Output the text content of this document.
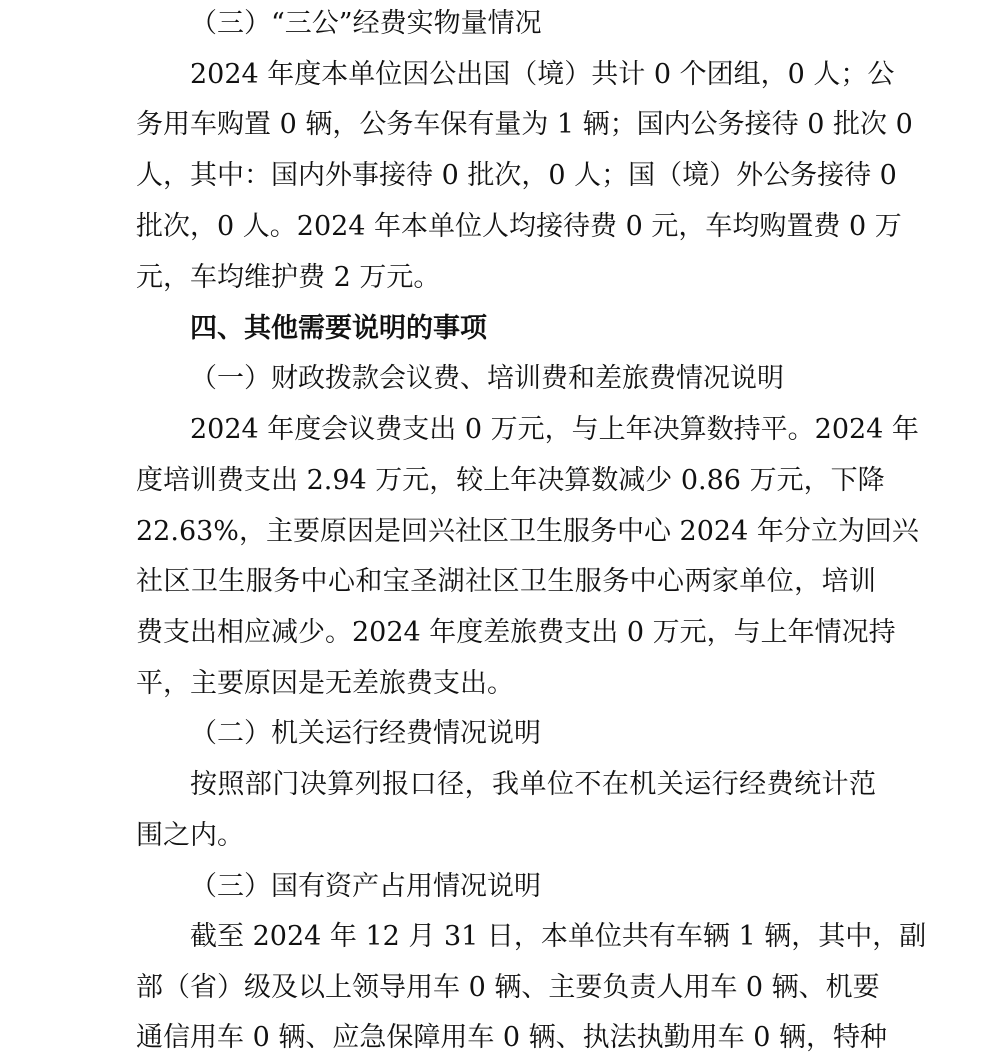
（三）“三公”经费实物量情况
2024 年度本单位因公出国（境）共计 0 个团组，0 人；公
务用车购置 0 辆，公务车保有量为 1 辆；国内公务接待 0 批次 0
人，其中：国内外事接待 0 批次，0 人；国（境）外公务接待 0
批次，0 人。2024 年本单位人均接待费 0 元，车均购置费 0 万
元，车均维护费 2 万元。
四、其他需要说明的事项
（一）财政拨款会议费、培训费和差旅费情况说明
2024 年度会议费支出 0 万元，与上年决算数持平。2024 年
度培训费支出 2.94 万元，较上年决算数减少 0.86 万元，下降
22.63%，主要原因是回兴社区卫生服务中心 2024 年分立为回兴
社区卫生服务中心和宝圣湖社区卫生服务中心两家单位，培训
费支出相应减少。2024 年度差旅费支出 0 万元，与上年情况持
平，主要原因是无差旅费支出。
（二）机关运行经费情况说明
按照部门决算列报口径，我单位不在机关运行经费统计范
围之内。
（三）国有资产占用情况说明
截至 2024 年 12 月 31 日，本单位共有车辆 1 辆，其中，副
部（省）级及以上领导用车 0 辆、主要负责人用车 0 辆、机要
通信用车 0 辆、应急保障用车 0 辆、执法执勤用车 0 辆，特种
